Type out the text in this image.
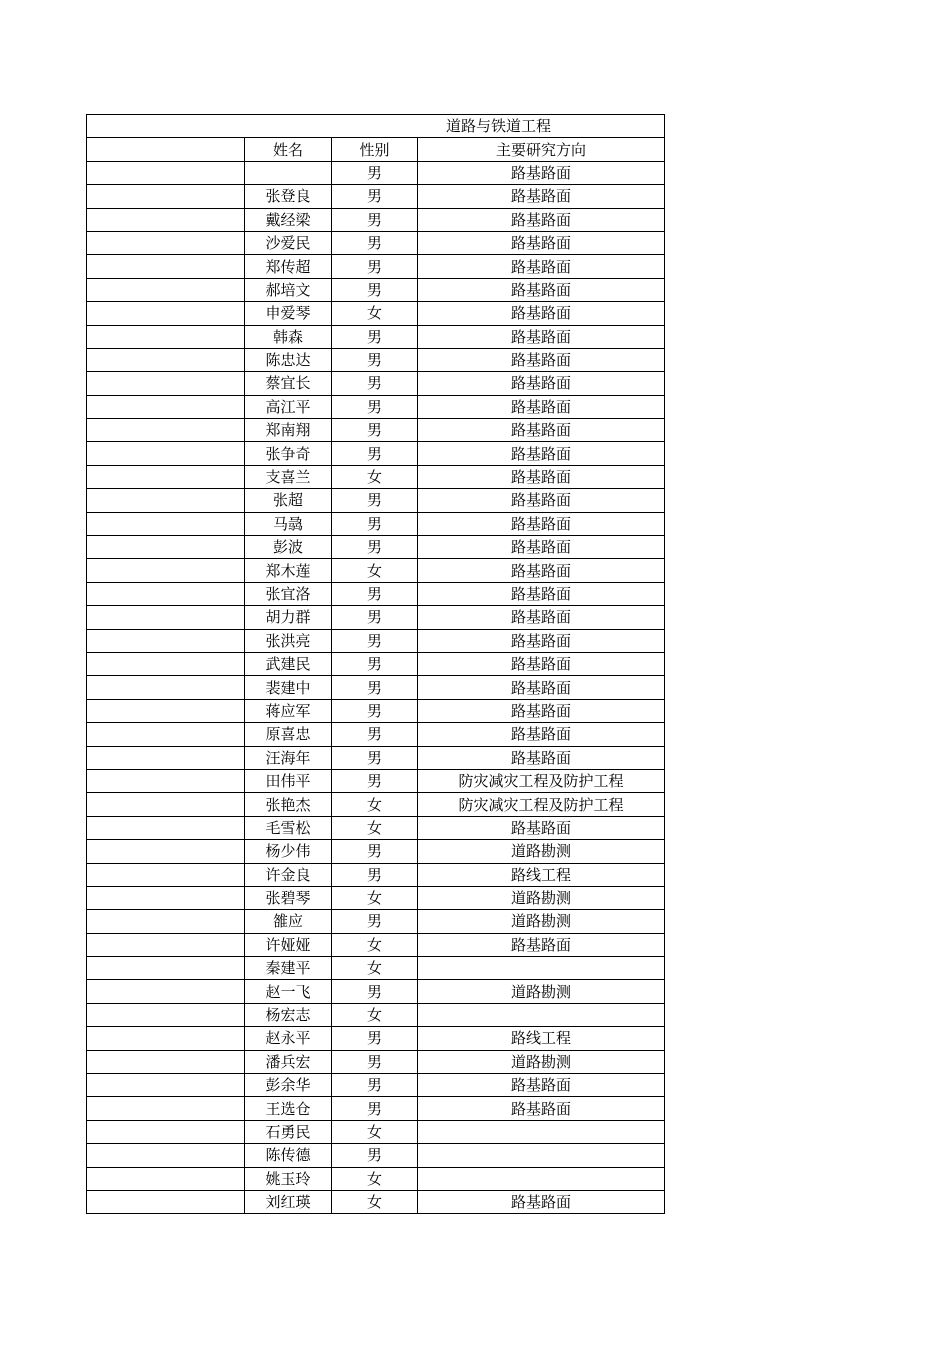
道路与铁道工程			
	姓名	性别	主要研究方向
		男	路基路面
	张登良	男	路基路面
	戴经梁	男	路基路面
	沙爱民	男	路基路面
	郑传超	男	路基路面
	郝培文	男	路基路面
	申爱琴	女	路基路面
	韩森	男	路基路面
	陈忠达	男	路基路面
	蔡宜长	男	路基路面
	高江平	男	路基路面
	郑南翔	男	路基路面
	张争奇	男	路基路面
	支喜兰	女	路基路面
	张超	男	路基路面
	马骉	男	路基路面
	彭波	男	路基路面
	郑木莲	女	路基路面
	张宜洛	男	路基路面
	胡力群	男	路基路面
	张洪亮	男	路基路面
	武建民	男	路基路面
	裴建中	男	路基路面
	蒋应军	男	路基路面
	原喜忠	男	路基路面
	汪海年	男	路基路面
	田伟平	男	防灾减灾工程及防护工程
	张艳杰	女	防灾减灾工程及防护工程
	毛雪松	女	路基路面
	杨少伟	男	道路勘测
	许金良	男	路线工程
	张碧琴	女	道路勘测
	雒应	男	道路勘测
	许娅娅	女	路基路面
	秦建平	女	
	赵一飞	男	道路勘测
	杨宏志	女	
	赵永平	男	路线工程
	潘兵宏	男	道路勘测
	彭余华	男	路基路面
	王选仓	男	路基路面
	石勇民	女	
	陈传德	男	
	姚玉玲	女	
	刘红瑛	女	路基路面
